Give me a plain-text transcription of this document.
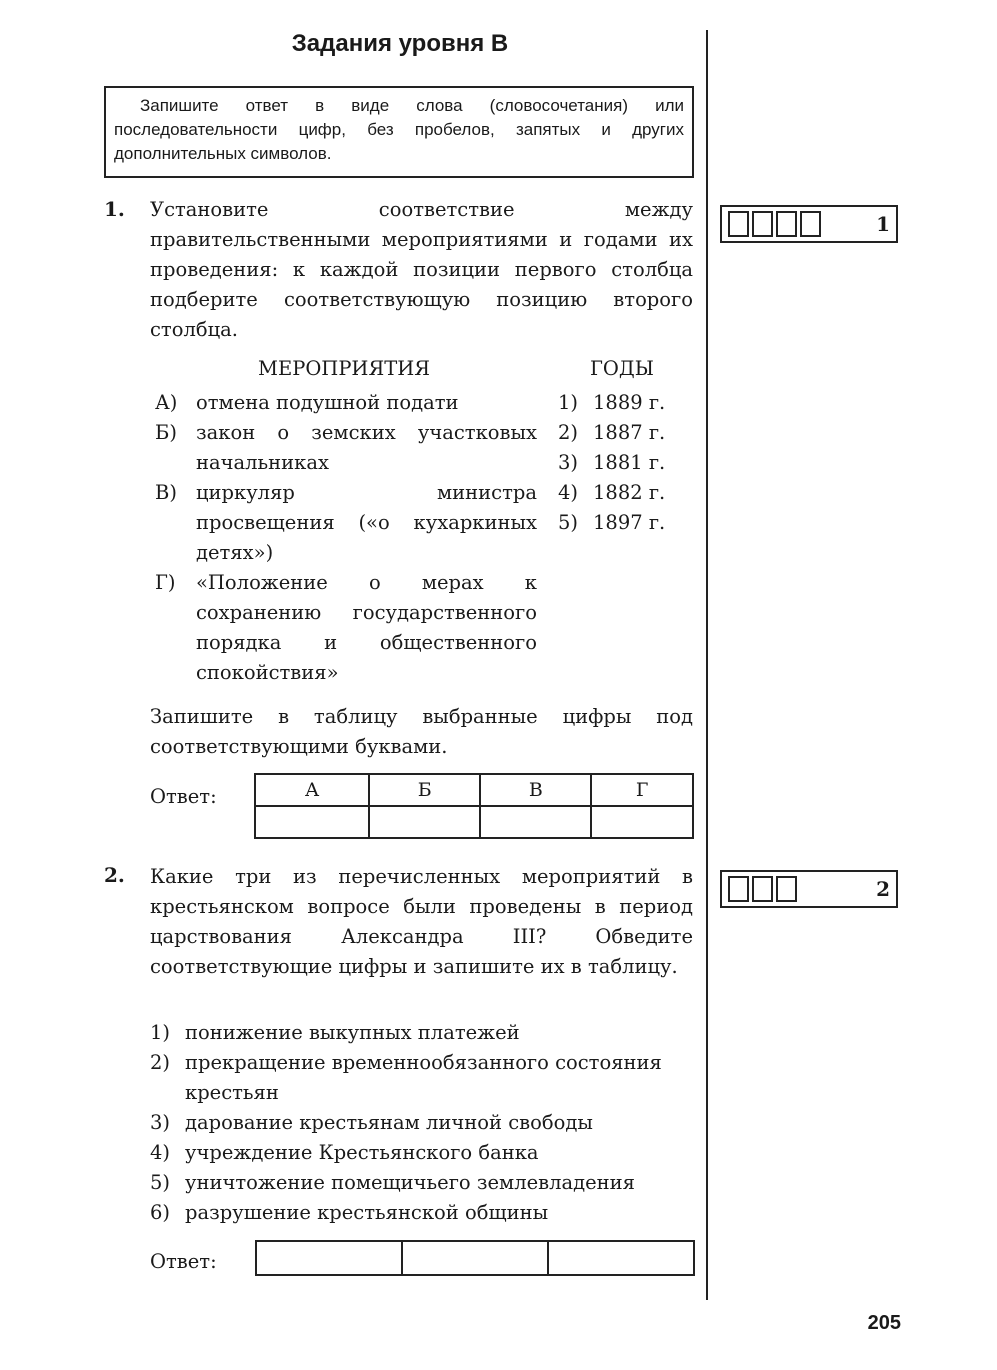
Задания уровня В

Запишите ответ в виде слова (словосочетания) или последовательности цифр, без пробелов, запятых и других дополнительных символов.

1. Установите соответствие между правительственными мероприятиями и годами их проведения: к каждой позиции первого столбца подберите соответствующую позицию второго столбца.
МЕРОПРИЯТИЯ	ГОДЫ
А) отмена подушной подати
Б) закон о земских участковых начальниках
В) циркуляр министра просвещения («о кухаркиных детях»)
Г)	«Положение о мерах к сохранению государственного порядка и общественного спокойствия»
1) 1889 г.
2) 1887 г.
3) 1881 г.
4) 1882 г.
5) 1897 г.
Запишите в таблицу выбранные цифры под соответствующими буквами.
Ответ:	А	Б	В	Г

1
2. Какие три из перечисленных мероприятий в крестьянском вопросе были проведены в период царствования Александра III? Обведите соответствующие цифры и запишите их в таблицу.
1) понижение выкупных платежей
2) прекращение временнообязанного состояния крестьян
3) дарование крестьянам личной свободы
4) учреждение Крестьянского банка
5) уничтожение помещичьего землевладения
6) разрушение крестьянской общины
Ответ:

2
205
